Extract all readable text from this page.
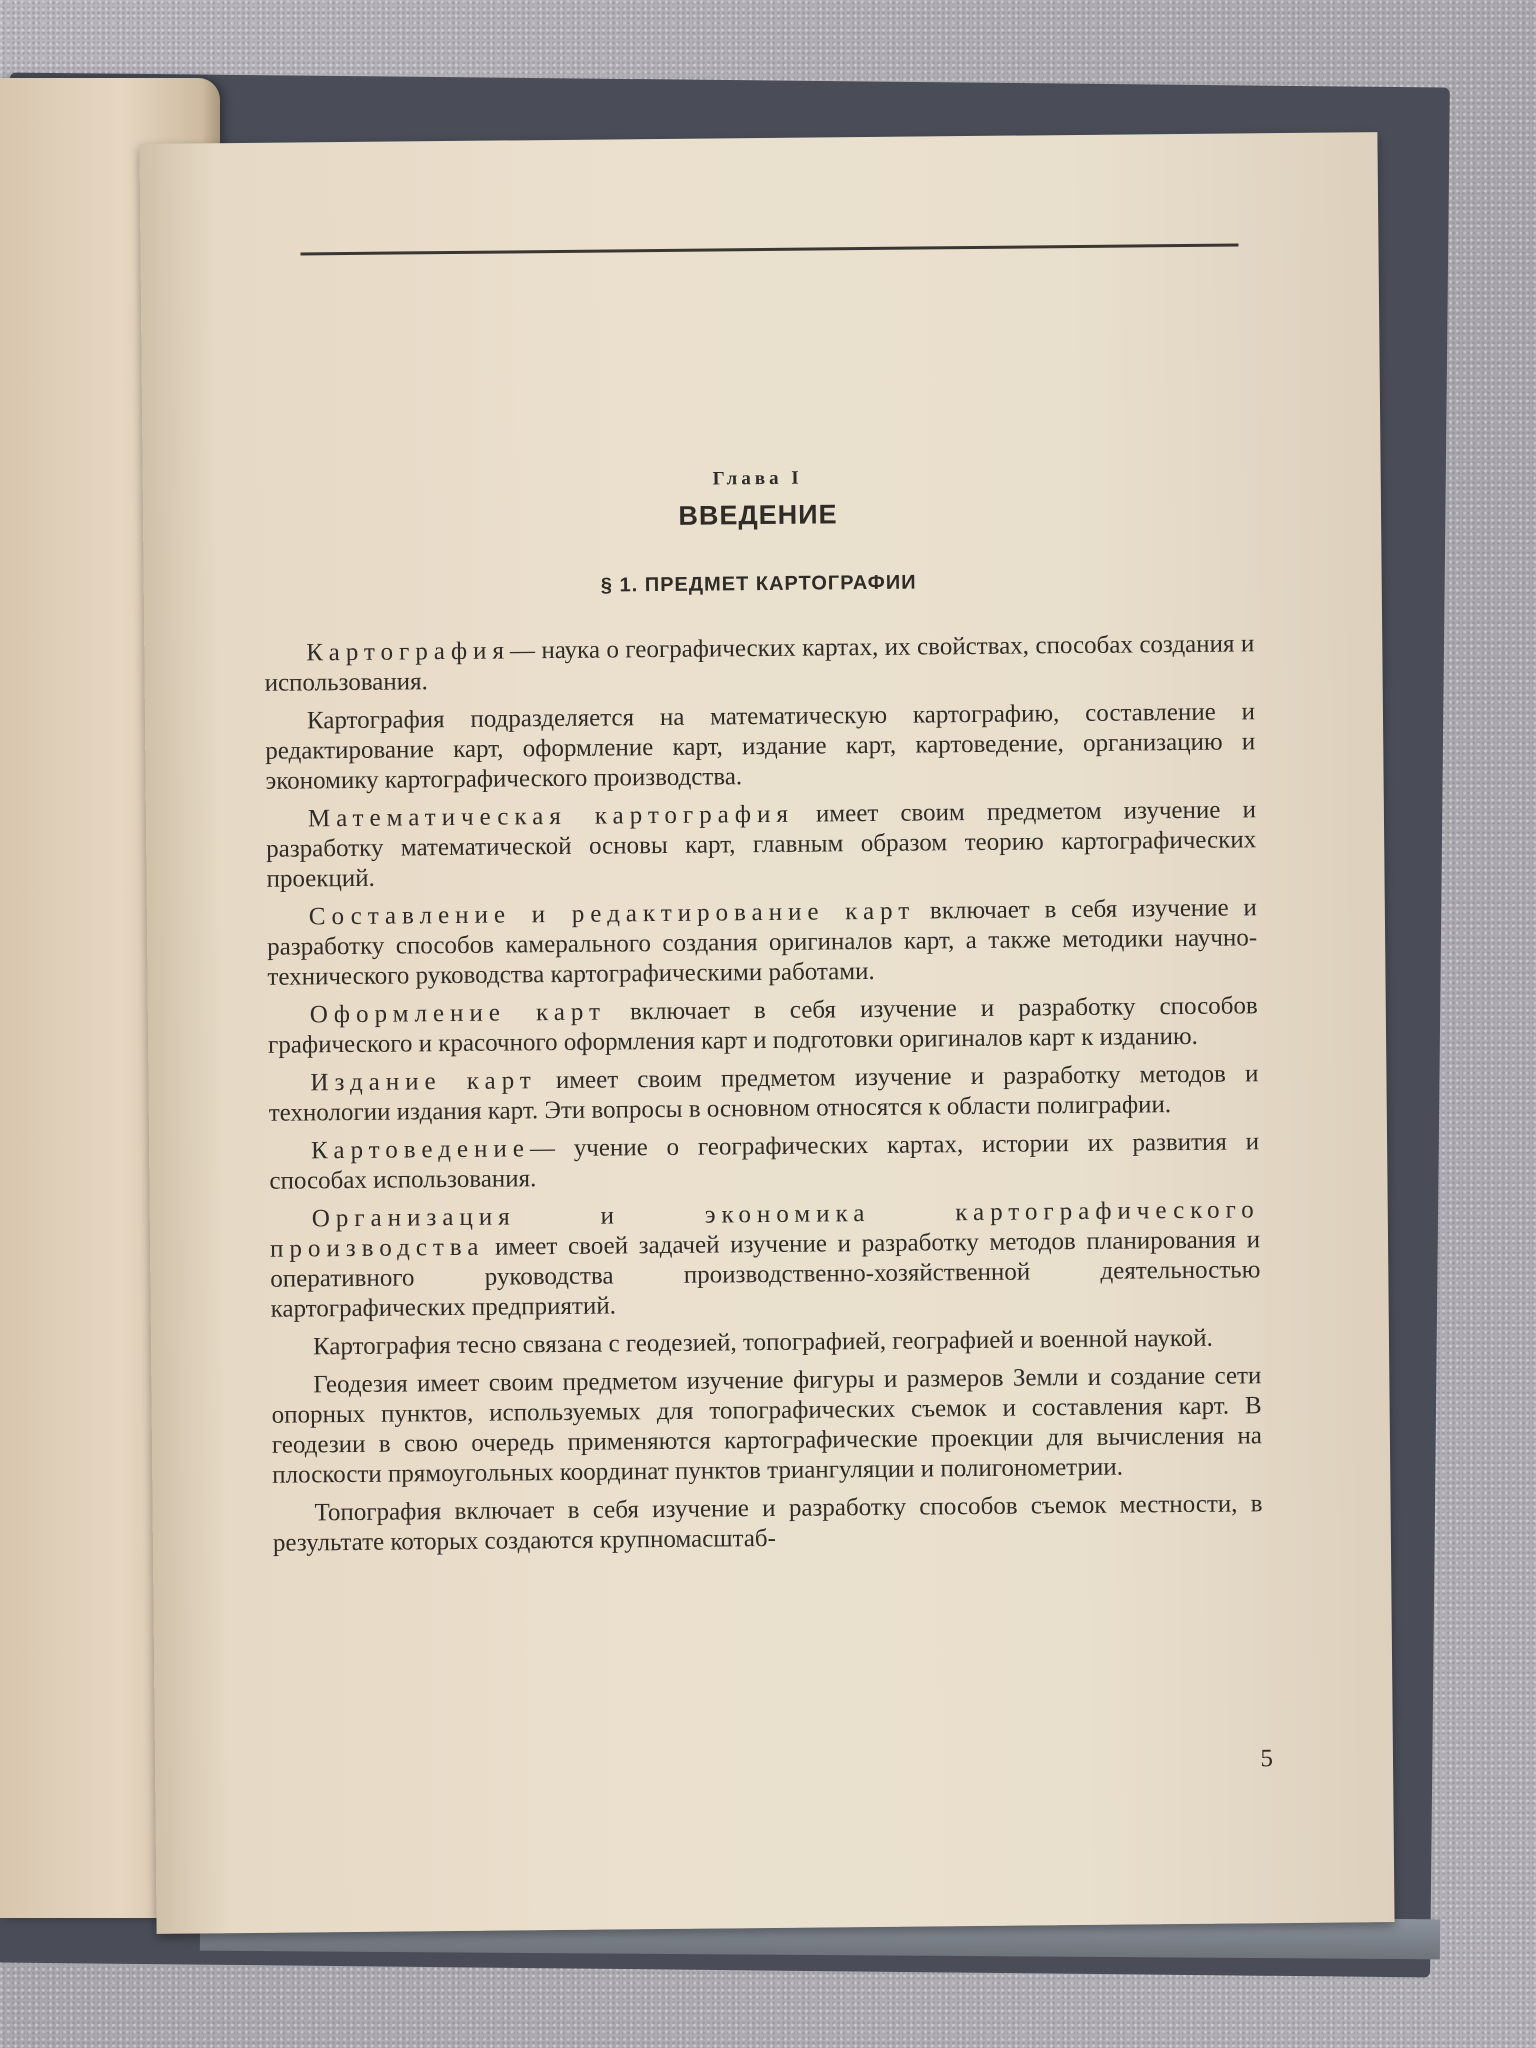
Глава I
ВВЕДЕНИЕ
§ 1. ПРЕДМЕТ КАРТОГРАФИИ

Картография— наука о географических картах, их свойствах, способах создания и использования.

Картография подразделяется на математическую картографию, составление и редактирование карт, оформление карт, издание карт, картоведение, организацию и экономику картографического производства.

Математическая картография имеет своим предметом изучение и разработку математической основы карт, главным образом теорию картографических проекций.

Составление и редактирование карт включает в себя изучение и разработку способов камерального создания оригиналов карт, а также методики научно-технического руководства картографическими работами.

Оформление карт включает в себя изучение и разработку способов графического и красочного оформления карт и подготовки оригиналов карт к изданию.

Издание карт имеет своим предметом изучение и разработку методов и технологии издания карт. Эти вопросы в основном относятся к области полиграфии.

Картоведение— учение о географических картах, истории их развития и способах использования.

Организация и экономика картографического производства имеет своей задачей изучение и разработку методов планирования и оперативного руководства производственно-хозяйственной деятельностью картографических предприятий.

Картография тесно связана с геодезией, топографией, географией и военной наукой.

Геодезия имеет своим предметом изучение фигуры и размеров Земли и создание сети опорных пунктов, используемых для топографических съемок и составления карт. В геодезии в свою очередь применяются картографические проекции для вычисления на плоскости прямоугольных координат пунктов триангуляции и полигонометрии.

Топография включает в себя изучение и разработку способов съемок местности, в результате которых создаются крупномасштаб-

5
